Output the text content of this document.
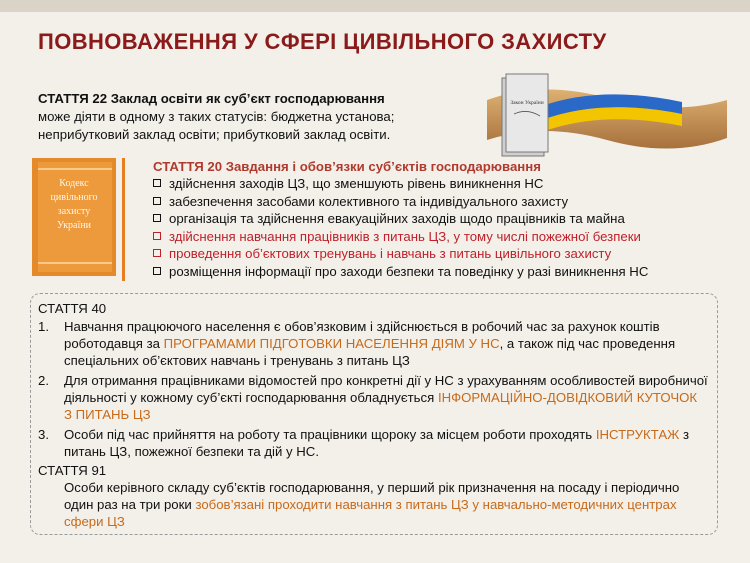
ПОВНОВАЖЕННЯ У СФЕРІ ЦИВІЛЬНОГО ЗАХИСТУ
СТАТТЯ 22 Заклад освіти як суб’єкт господарювання
може діяти в одному з таких статусів: бюджетна установа; неприбутковий заклад освіти; прибутковий заклад освіти.
Закон України
Кодекс
цивільного
захисту
України
СТАТТЯ 20 Завдання і обов’язки суб’єктів господарювання
здійснення заходів ЦЗ, що зменшують рівень виникнення НС
забезпечення засобами колективного та індивідуального захисту
організація та здійснення евакуаційних заходів щодо працівників та майна
здійснення навчання працівників з питань ЦЗ, у тому числі пожежної безпеки
проведення об’єктових тренувань і навчань з питань цивільного захисту
розміщення інформації про заходи безпеки та поведінку у разі виникнення НС
СТАТТЯ 40
1. Навчання працюючого населення є обов’язковим і здійснюється в робочий час за рахунок коштів роботодавця за ПРОГРАМАМИ ПІДГОТОВКИ НАСЕЛЕННЯ ДІЯМ У НС, а також під час проведення спеціальних об’єктових навчань і тренувань з питань ЦЗ
2. Для отримання працівниками відомостей про конкретні дії у НС з урахуванням особливостей виробничої діяльності у кожному суб’єкті господарювання обладнується ІНФОРМАЦІЙНО-ДОВІДКОВИЙ КУТОЧОК З ПИТАНЬ ЦЗ
3. Особи під час прийняття на роботу та працівники щороку за місцем роботи проходять ІНСТРУКТАЖ з питань ЦЗ, пожежної безпеки та дій у НС.
СТАТТЯ 91
Особи керівного складу суб’єктів господарювання, у перший рік призначення на посаду і періодично один раз на три роки зобов’язані проходити навчання з питань ЦЗ у навчально-методичних центрах сфери ЦЗ
